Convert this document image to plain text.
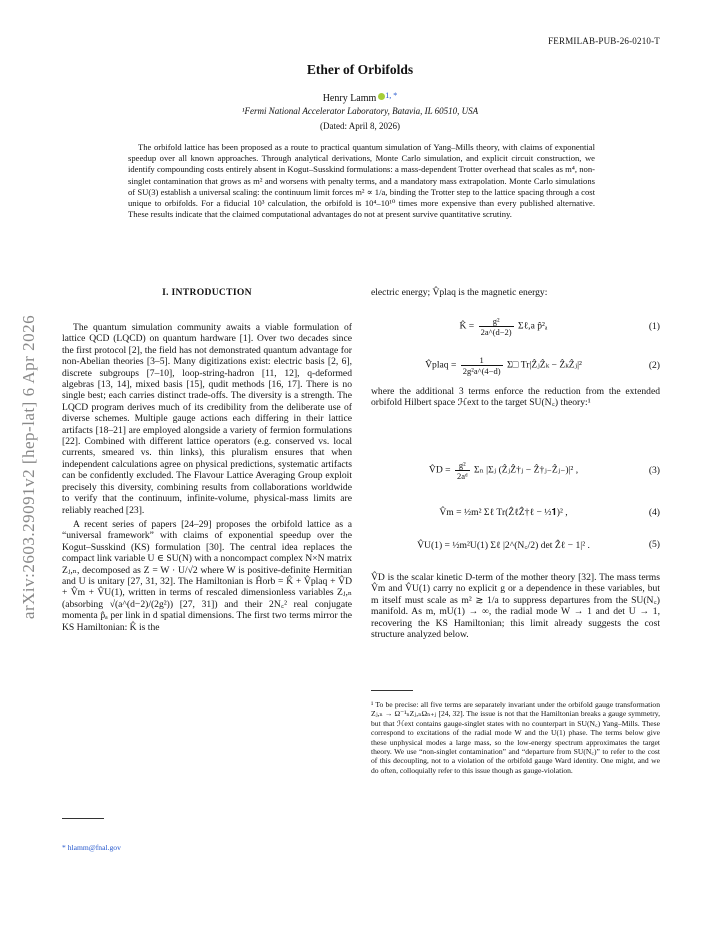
FERMILAB-PUB-26-0210-T
Ether of Orbifolds
Henry Lamm $^{1, *}$
¹Fermi National Accelerator Laboratory, Batavia, IL 60510, USA
(Dated: April 8, 2026)
The orbifold lattice has been proposed as a route to practical quantum simulation of Yang–Mills theory, with claims of exponential speedup over all known approaches. Through analytical derivations, Monte Carlo simulation, and explicit circuit construction, we identify compounding costs entirely absent in Kogut–Susskind formulations: a mass-dependent Trotter overhead that scales as m⁴, non-singlet contamination that grows as m² and worsens with penalty terms, and a mandatory mass extrapolation. Monte Carlo simulations of SU(3) establish a universal scaling: the continuum limit forces m² ∝ 1/a, binding the Trotter step to the lattice spacing through a cost unique to orbifolds. For a fiducial 10³ calculation, the orbifold is 10⁴–10¹⁰ times more expensive than every published alternative. These results indicate that the claimed computational advantages do not at present survive quantitative scrutiny.
arXiv:2603.29091v2 [hep-lat] 6 Apr 2026
I. INTRODUCTION

The quantum simulation community awaits a viable formulation of lattice QCD (LQCD) on quantum hardware [1]. Over two decades since the first protocol [2], the field has not demonstrated quantum advantage for non-Abelian theories [3–5]. Many digitizations exist: electric basis [2, 6], discrete subgroups [7–10], loop-string-hadron [11, 12], q-deformed algebras [13, 14], mixed basis [15], qudit methods [16, 17]. There is no single best; each carries distinct trade-offs. The diversity is a strength. The LQCD program derives much of its credibility from the deliberate use of diverse schemes. Multiple gauge actions each differing in their lattice artifacts [18–21] are employed alongside a variety of fermion formulations [22]. Combined with different lattice operators (e.g. conserved vs. local currents, smeared vs. thin links), this pluralism ensures that when independent calculations agree on physical predictions, systematic artifacts can be confidently excluded. The Flavour Lattice Averaging Group exploit precisely this diversity, combining results from collaborations worldwide to verify that the continuum, infinite-volume, physical-mass limits are reliably reached [23].

A recent series of papers [24–29] proposes the orbifold lattice as a “universal framework” with claims of exponential speedup over the Kogut–Susskind (KS) formulation [30]. The central idea replaces the compact link variable U ∈ SU(N) with a noncompact complex N×N matrix Zⱼ,ₙ, decomposed as Z = W · U/√2 where W is positive-definite Hermitian and U is unitary [27, 31, 32]. The Hamiltonian is Ĥorb = K̂ + V̂plaq + V̂D + V̂m + V̂U(1), written in terms of rescaled dimensionless variables Zⱼ,ₙ (absorbing √(a^(d−2)/(2g²)) [27, 31]) and their 2N꜀² real conjugate momenta p̂ₐ per link in d spatial dimensions. The first two terms mirror the KS Hamiltonian: K̂ is the

* hlamm@fnal.gov
electric energy; V̂plaq is the magnetic energy:
K̂ = $\frac{\text{g²}}{2a\^{}(d-2)}$ Σℓ,a p̂²ₐ	(1)
V̂plaq = $\frac{1}{\text{2g²a\textasciicircum{}(4−d)}}$ Σ□ Tr|ẐⱼẐₖ − ẐₖẐⱼ|²	(2)
where the additional 3 terms enforce the reduction from the extended orbifold Hilbert space ℋext to the target SU(N꜀) theory:¹
V̂D = $\frac{\text{g²}}{\text{2aᵈ}}$ Σₙ |Σⱼ (ẐⱼẐ†ⱼ − Ẑ†ⱼ₋Ẑⱼ₋)|² ,	(3)
V̂m = ½m² Σℓ Tr(ẐℓẐ†ℓ − ½𝟏)² ,	(4)
V̂U(1) = ½m²U(1) Σℓ |2^(N꜀/2) det Ẑℓ − 1|² .	(5)
V̂D is the scalar kinetic D-term of the mother theory [32]. The mass terms V̂m and V̂U(1) carry no explicit g or a dependence in these variables, but m itself must scale as m² ≳ 1/a to suppress departures from the SU(N꜀) manifold. As m, mU(1) → ∞, the radial mode W → 1 and det U → 1, recovering the KS Hamiltonian; this limit already suggests the cost structure analyzed below.
¹ To be precise: all five terms are separately invariant under the orbifold gauge transformation Zⱼ,ₙ → Ω⁻¹ₙZⱼ,ₙΩₙ₊ⱼ [24, 32]. The issue is not that the Hamiltonian breaks a gauge symmetry, but that ℋext contains gauge-singlet states with no counterpart in SU(N꜀) Yang–Mills. These correspond to excitations of the radial mode W and the U(1) phase. The terms below give these unphysical modes a large mass, so the low-energy spectrum approximates the target theory. We use “non-singlet contamination” and “departure from SU(N꜀)” to refer to the cost of this decoupling, not to a violation of the orbifold gauge Ward identity. One might, and we do often, colloquially refer to this issue though as gauge-violation.
